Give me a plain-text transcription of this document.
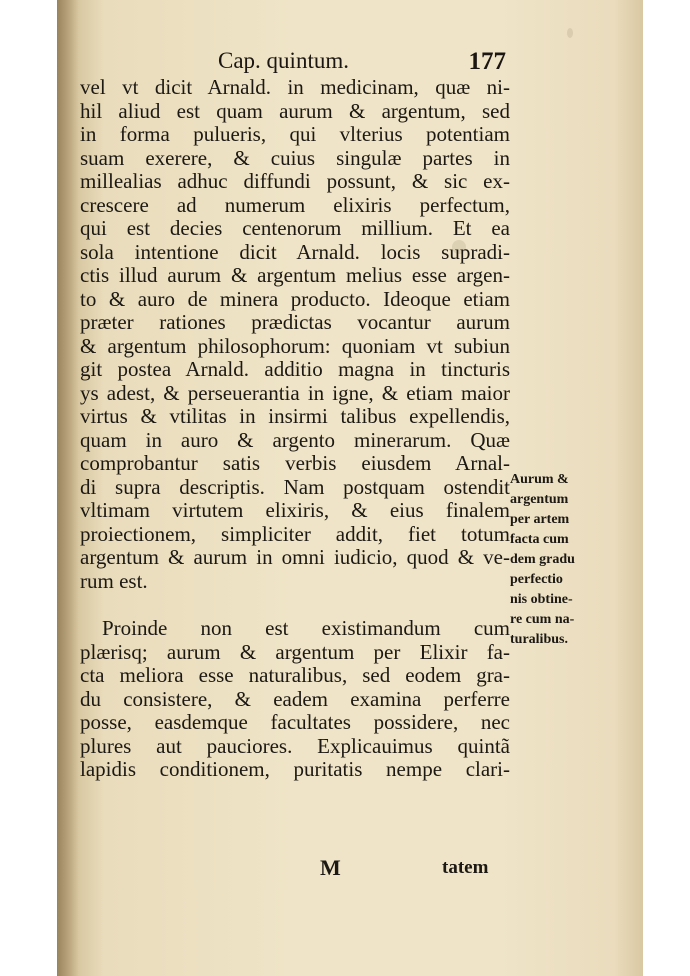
Cap. quintum.	177
vel vt dicit Arnald. in medicinam, quæ ni-
hil aliud est quam aurum & argentum, sed
in forma pulueris, qui vlterius potentiam
suam exerere, & cuius singulæ partes in
millealias adhuc diffundi possunt, & sic ex-
crescere ad numerum elixiris perfectum,
qui est decies centenorum millium. Et ea
sola intentione dicit Arnald. locis supradi-
ctis illud aurum & argentum melius esse argen-
to & auro de minera producto. Ideoque etiam
præter rationes prædictas vocantur aurum
& argentum philosophorum: quoniam vt subiun
git postea Arnald. additio magna in tincturis
ys adest, & perseuerantia in igne, & etiam maior
virtus & vtilitas in insirmi talibus expellendis,
quam in auro & argento minerarum. Quæ
comprobantur satis verbis eiusdem Arnal-
di supra descriptis. Nam postquam ostendit
vltimam virtutem elixiris, & eius finalem
proiectionem, simpliciter addit, fiet totum
argentum & aurum in omni iudicio, quod & ve-
rum est.
Proinde non est existimandum cum
plærisq; aurum & argentum per Elixir fa-
cta meliora esse naturalibus, sed eodem gra-
du consistere, & eadem examina perferre
posse, easdemque facultates possidere, nec
plures aut pauciores. Explicauimus quintã
lapidis conditionem, puritatis nempe clari-
Aurum &
argentum
per artem
facta cum
dem gradu
perfectio
nis obtine-
re cum na-
turalibus.
M	tatem
